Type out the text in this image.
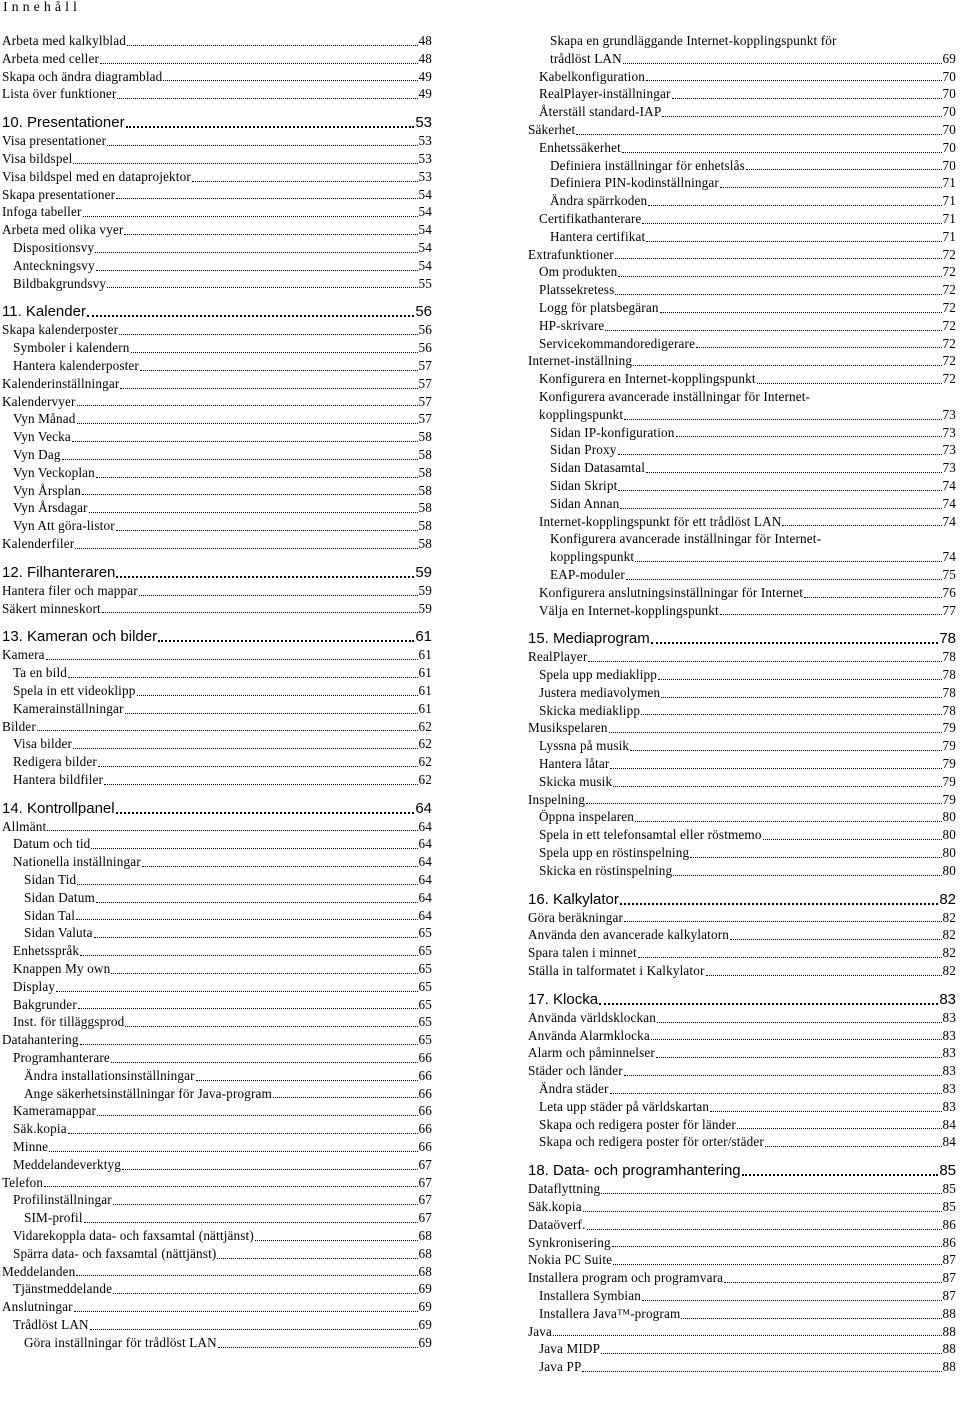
Innehåll
Arbeta med kalkylblad	48
Arbeta med celler	48
Skapa och ändra diagramblad	49
Lista över funktioner	49
10. Presentationer	53
Visa presentationer	53
Visa bildspel	53
Visa bildspel med en dataprojektor	53
Skapa presentationer	54
Infoga tabeller	54
Arbeta med olika vyer	54
Dispositionsvy	54
Anteckningsvy	54
Bildbakgrundsvy	55
11. Kalender	56
Skapa kalenderposter	56
Symboler i kalendern	56
Hantera kalenderposter	57
Kalenderinställningar	57
Kalendervyer	57
Vyn Månad	57
Vyn Vecka	58
Vyn Dag	58
Vyn Veckoplan	58
Vyn Årsplan	58
Vyn Årsdagar	58
Vyn Att göra-listor	58
Kalenderfiler	58
12. Filhanteraren	59
Hantera filer och mappar	59
Säkert minneskort	59
13. Kameran och bilder	61
Kamera	61
Ta en bild	61
Spela in ett videoklipp	61
Kamerainställningar	61
Bilder	62
Visa bilder	62
Redigera bilder	62
Hantera bildfiler	62
14. Kontrollpanel	64
Allmänt	64
Datum och tid	64
Nationella inställningar	64
Sidan Tid	64
Sidan Datum	64
Sidan Tal	64
Sidan Valuta	65
Enhetsspråk	65
Knappen My own	65
Display	65
Bakgrunder	65
Inst. för tilläggsprod	65
Datahantering	65
Programhanterare	66
Ändra installationsinställningar	66
Ange säkerhetsinställningar för Java-program	66
Kameramappar	66
Säk.kopia	66
Minne	66
Meddelandeverktyg	67
Telefon	67
Profilinställningar	67
SIM-profil	67
Vidarekoppla data- och faxsamtal (nättjänst)	68
Spärra data- och faxsamtal (nättjänst)	68
Meddelanden	68
Tjänstmeddelande	69
Anslutningar	69
Trådlöst LAN	69
Göra inställningar för trådlöst LAN	69
Skapa en grundläggande Internet-kopplingspunkt för
trådlöst LAN	69
Kabelkonfiguration	70
RealPlayer-inställningar	70
Återställ standard-IAP	70
Säkerhet	70
Enhetssäkerhet	70
Definiera inställningar för enhetslås	70
Definiera PIN-kodinställningar	71
Ändra spärrkoden	71
Certifikathanterare	71
Hantera certifikat	71
Extrafunktioner	72
Om produkten	72
Platssekretess	72
Logg för platsbegäran	72
HP-skrivare	72
Servicekommandoredigerare	72
Internet-inställning	72
Konfigurera en Internet-kopplingspunkt	72
Konfigurera avancerade inställningar för Internet-
kopplingspunkt	73
Sidan IP-konfiguration	73
Sidan Proxy	73
Sidan Datasamtal	73
Sidan Skript	74
Sidan Annan	74
Internet-kopplingspunkt för ett trådlöst LAN	74
Konfigurera avancerade inställningar för Internet-
kopplingspunkt	74
EAP-moduler	75
Konfigurera anslutningsinställningar för Internet	76
Välja en Internet-kopplingspunkt	77
15. Mediaprogram	78
RealPlayer	78
Spela upp mediaklipp	78
Justera mediavolymen	78
Skicka mediaklipp	78
Musikspelaren	79
Lyssna på musik	79
Hantera låtar	79
Skicka musik	79
Inspelning	79
Öppna inspelaren	80
Spela in ett telefonsamtal eller röstmemo	80
Spela upp en röstinspelning	80
Skicka en röstinspelning	80
16. Kalkylator	82
Göra beräkningar	82
Använda den avancerade kalkylatorn	82
Spara talen i minnet	82
Ställa in talformatet i Kalkylator	82
17. Klocka	83
Använda världsklockan	83
Använda Alarmklocka	83
Alarm och påminnelser	83
Städer och länder	83
Ändra städer	83
Leta upp städer på världskartan	83
Skapa och redigera poster för länder	84
Skapa och redigera poster för orter/städer	84
18. Data- och programhantering	85
Dataflyttning	85
Säk.kopia	85
Dataöverf.	86
Synkronisering	86
Nokia PC Suite	87
Installera program och programvara	87
Installera Symbian	87
Installera Java™-program	88
Java	88
Java MIDP	88
Java PP	88
